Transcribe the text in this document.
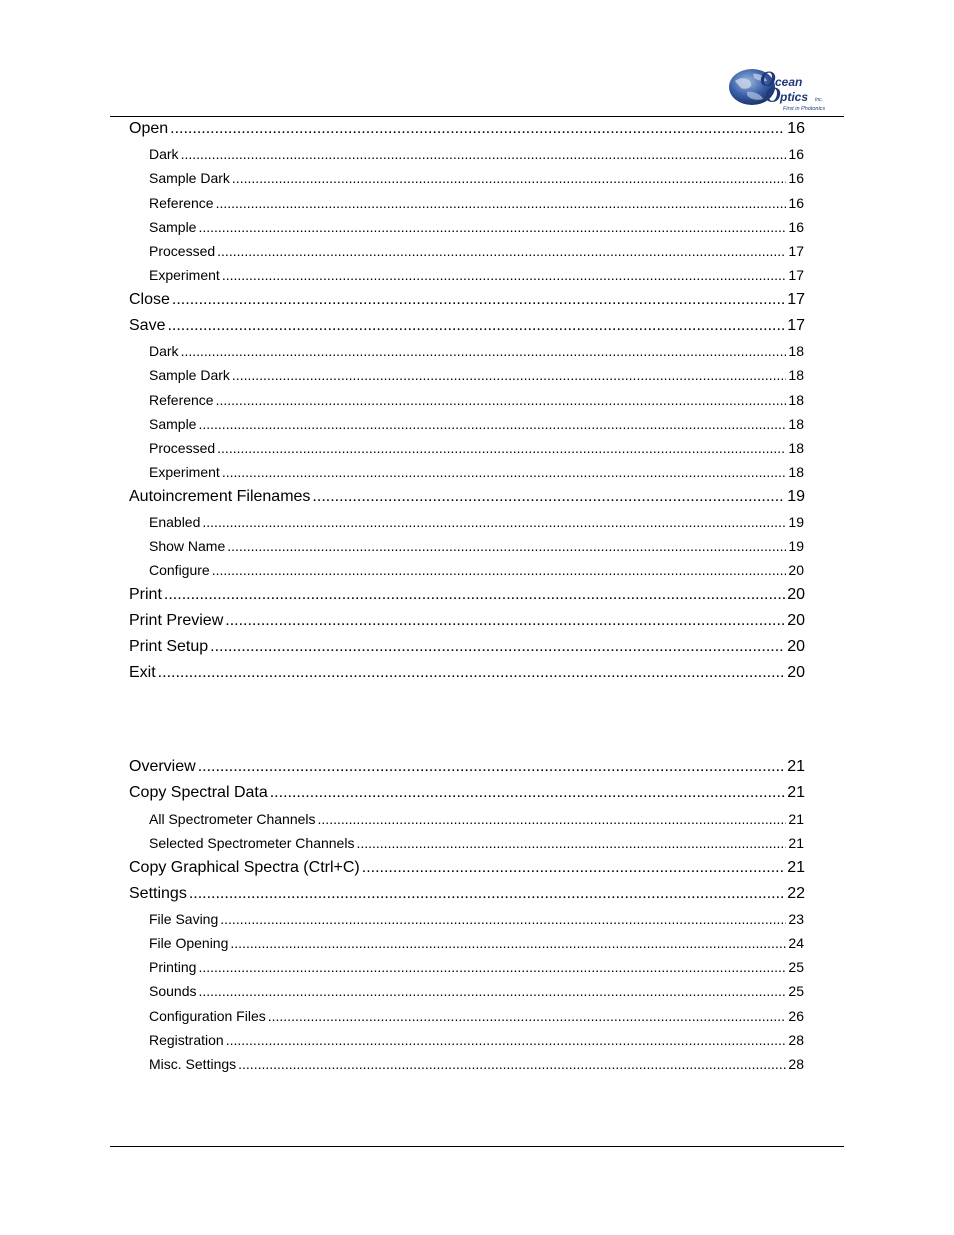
O cean
O ptics Inc.
First in Photonics
Open .....	16
Dark .....	16
Sample Dark .....	16
Reference .....	16
Sample .....	16
Processed .....	17
Experiment .....	17
Close .....	17
Save .....	17
Dark .....	18
Sample Dark .....	18
Reference .....	18
Sample .....	18
Processed .....	18
Experiment .....	18
Autoincrement Filenames .....	19
Enabled .....	19
Show Name .....	19
Configure .....	20
Print .....	20
Print Preview .....	20
Print Setup .....	20
Exit .....	20
Overview .....	21
Copy Spectral Data .....	21
All Spectrometer Channels .....	21
Selected Spectrometer Channels .....	21
Copy Graphical Spectra (Ctrl+C) .....	21
Settings .....	22
File Saving .....	23
File Opening .....	24
Printing .....	25
Sounds .....	25
Configuration Files .....	26
Registration .....	28
Misc. Settings .....	28
